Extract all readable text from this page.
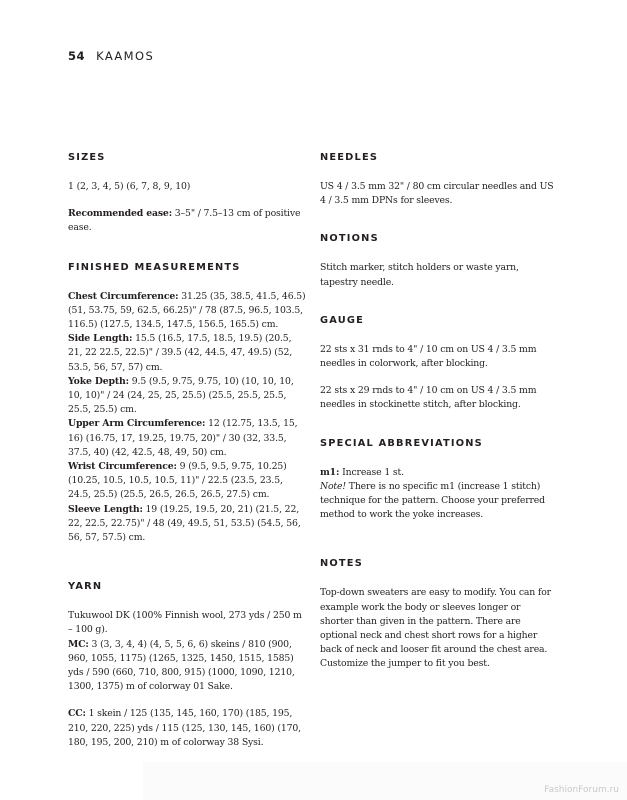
54 KAAMOS
SIZES

1 (2, 3, 4, 5) (6, 7, 8, 9, 10)

Recommended ease: 3–5" / 7.5–13 cm of positive ease.

FINISHED MEASUREMENTS

Chest Circumference: 31.25 (35, 38.5, 41.5, 46.5) (51, 53.75, 59, 62.5, 66.25)" / 78 (87.5, 96.5, 103.5, 116.5) (127.5, 134.5, 147.5, 156.5, 165.5) cm.

Side Length: 15.5 (16.5, 17.5, 18.5, 19.5) (20.5, 21, 22 22.5, 22.5)" / 39.5 (42, 44.5, 47, 49.5) (52, 53.5, 56, 57, 57) cm.

Yoke Depth: 9.5 (9.5, 9.75, 9.75, 10) (10, 10, 10, 10, 10)" / 24 (24, 25, 25, 25.5) (25.5, 25.5, 25.5, 25.5, 25.5) cm.

Upper Arm Circumference: 12 (12.75, 13.5, 15, 16) (16.75, 17, 19.25, 19.75, 20)" / 30 (32, 33.5, 37.5, 40) (42, 42.5, 48, 49, 50) cm.

Wrist Circumference: 9 (9.5, 9.5, 9.75, 10.25) (10.25, 10.5, 10.5, 10.5, 11)" / 22.5 (23.5, 23.5, 24.5, 25.5) (25.5, 26.5, 26.5, 26.5, 27.5) cm.

Sleeve Length: 19 (19.25, 19.5, 20, 21) (21.5, 22, 22, 22.5, 22.75)" / 48 (49, 49.5, 51, 53.5) (54.5, 56, 56, 57, 57.5) cm.

YARN

Tukuwool DK (100% Finnish wool, 273 yds / 250 m – 100 g).

MC: 3 (3, 3, 4, 4) (4, 5, 5, 6, 6) skeins / 810 (900, 960, 1055, 1175) (1265, 1325, 1450, 1515, 1585) yds / 590 (660, 710, 800, 915) (1000, 1090, 1210, 1300, 1375) m of colorway 01 Sake.

CC: 1 skein / 125 (135, 145, 160, 170) (185, 195, 210, 220, 225) yds / 115 (125, 130, 145, 160) (170, 180, 195, 200, 210) m of colorway 38 Sysi.

NEEDLES

US 4 / 3.5 mm 32" / 80 cm circular needles and US 4 / 3.5 mm DPNs for sleeves.

NOTIONS

Stitch marker, stitch holders or waste yarn, tapestry needle.

GAUGE

22 sts x 31 rnds to 4" / 10 cm on US 4 / 3.5 mm needles in colorwork, after blocking.

22 sts x 29 rnds to 4" / 10 cm on US 4 / 3.5 mm needles in stockinette stitch, after blocking.

SPECIAL ABBREVIATIONS

m1: Increase 1 st.

Note! There is no specific m1 (increase 1 stitch) technique for the pattern. Choose your preferred method to work the yoke increases.

NOTES

Top-down sweaters are easy to modify. You can for example work the body or sleeves longer or shorter than given in the pattern. There are optional neck and chest short rows for a higher back of neck and looser fit around the chest area. Customize the jumper to fit you best.

FashionForum.ru
